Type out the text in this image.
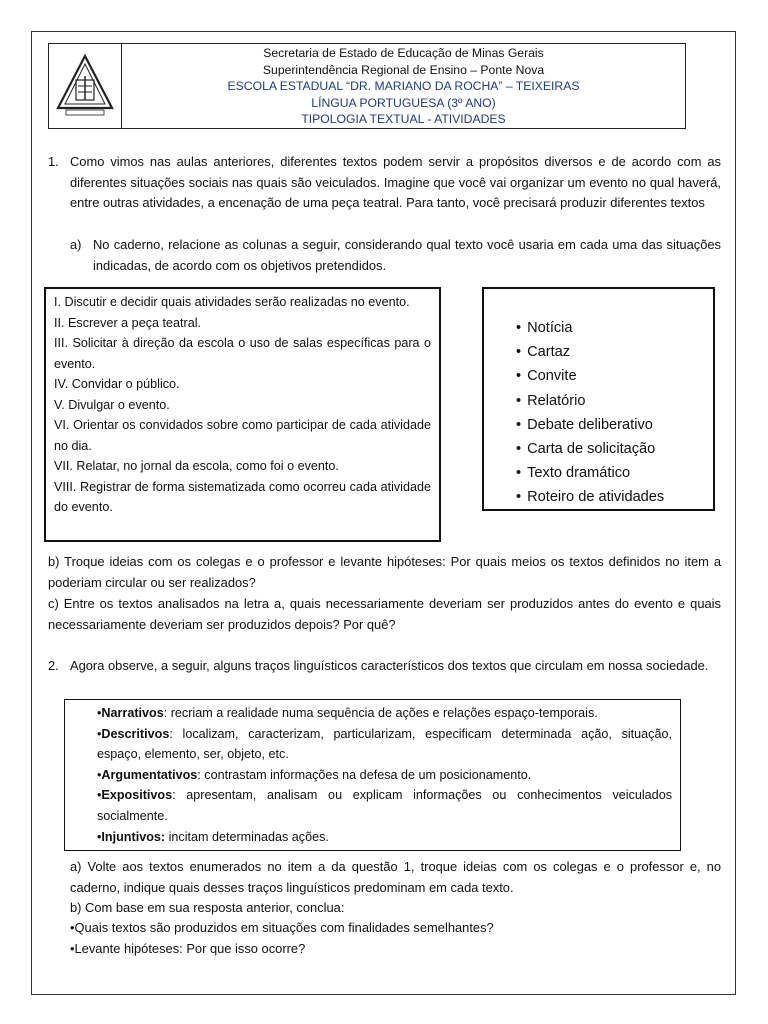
Secretaria de Estado de Educação de Minas Gerais
Superintendência Regional de Ensino – Ponte Nova
ESCOLA ESTADUAL “DR. MARIANO DA ROCHA” – TEIXEIRAS
LÍNGUA PORTUGUESA (3º ANO)
TIPOLOGIA TEXTUAL - ATIVIDADES
1. Como vimos nas aulas anteriores, diferentes textos podem servir a propósitos diversos e de acordo com as diferentes situações sociais nas quais são veiculados. Imagine que você vai organizar um evento no qual haverá, entre outras atividades, a encenação de uma peça teatral. Para tanto, você precisará produzir diferentes textos
a) No caderno, relacione as colunas a seguir, considerando qual texto você usaria em cada uma das situações indicadas, de acordo com os objetivos pretendidos.

I. Discutir e decidir quais atividades serão realizadas no evento.

II. Escrever a peça teatral.

III. Solicitar à direção da escola o uso de salas específicas para o evento.

IV. Convidar o público.

V. Divulgar o evento.

VI. Orientar os convidados sobre como participar de cada atividade no dia.

VII. Relatar, no jornal da escola, como foi o evento.

VIII. Registrar de forma sistematizada como ocorreu cada atividade do evento.

• Notícia
• Cartaz
• Convite
• Relatório
• Debate deliberativo
• Carta de solicitação
• Texto dramático
• Roteiro de atividades
b) Troque ideias com os colegas e o professor e levante hipóteses: Por quais meios os textos definidos no item a poderiam circular ou ser realizados?
c) Entre os textos analisados na letra a, quais necessariamente deveriam ser produzidos antes do evento e quais necessariamente deveriam ser produzidos depois? Por quê?
2. Agora observe, a seguir, alguns traços linguísticos característicos dos textos que circulam em nossa sociedade.

• Narrativos: recriam a realidade numa sequência de ações e relações espaço-temporais.

• Descritivos: localizam, caracterizam, particularizam, especificam determinada ação, situação, espaço, elemento, ser, objeto, etc.

• Argumentativos: contrastam informações na defesa de um posicionamento.

• Expositivos: apresentam, analisam ou explicam informações ou conhecimentos veiculados socialmente.

• Injuntivos: incitam determinadas ações.

a) Volte aos textos enumerados no item a da questão 1, troque ideias com os colegas e o professor e, no caderno, indique quais desses traços linguísticos predominam em cada texto.
b) Com base em sua resposta anterior, conclua:
• Quais textos são produzidos em situações com finalidades semelhantes?
• Levante hipóteses: Por que isso ocorre?
